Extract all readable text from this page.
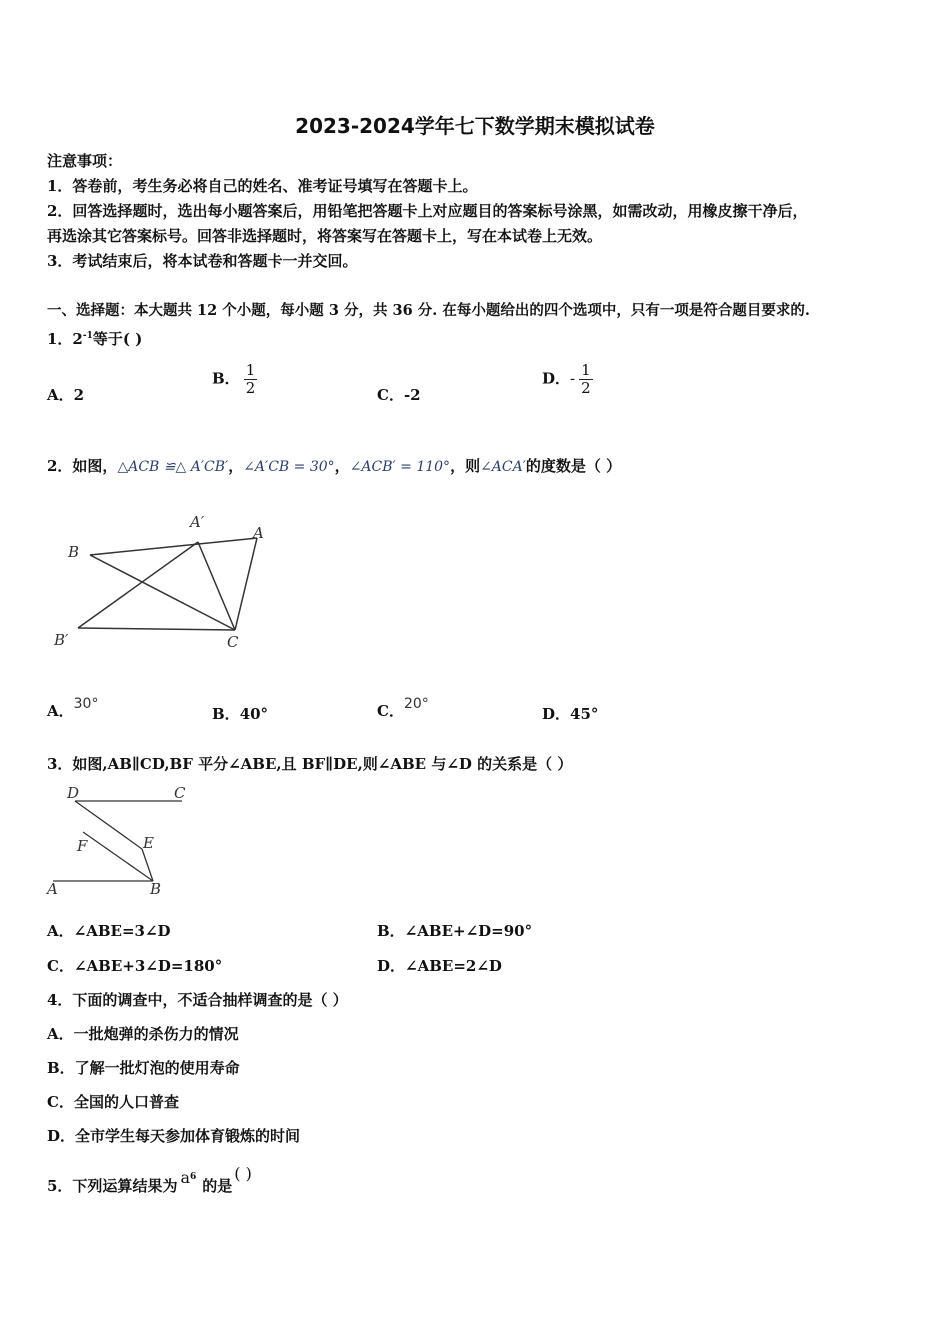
2023-2024学年七下数学期末模拟试卷
注意事项：
1．答卷前，考生务必将自己的姓名、准考证号填写在答题卡上。
2．回答选择题时，选出每小题答案后，用铅笔把答题卡上对应题目的答案标号涂黑，如需改动，用橡皮擦干净后，
再选涂其它答案标号。回答非选择题时，将答案写在答题卡上，写在本试卷上无效。
3．考试结束后，将本试卷和答题卡一并交回。
一、选择题：本大题共 12 个小题，每小题 3 分，共 36 分. 在每小题给出的四个选项中，只有一项是符合题目要求的.
1．$2^{-1}$等于( )
A．2
B． $\frac{1}{2}$	C．-2
D．- $\frac{1}{2}$
2．如图，△ACB ≌△ A′CB′，∠A′CB = 30°，∠ACB′ = 110°，则∠ACA′的度数是（ ）
B
A′
A
B′	C
A．30°
B．40°	C．20°
D．45°
3．如图,AB∥CD,BF 平分∠ABE,且 BF∥DE,则∠ABE 与∠D 的关系是（ ）
D	C
F	E
A	B
A．∠ABE=3∠D	B．∠ABE+∠D=90°
C．∠ABE+3∠D=180°	D．∠ABE=2∠D
4．下面的调查中，不适合抽样调查的是（ ）
A．一批炮弹的杀伤力的情况
B．了解一批灯泡的使用寿命
C．全国的人口普查
D．全市学生每天参加体育锻炼的时间
5．下列运算结果为 $a^6$ 的是( )
